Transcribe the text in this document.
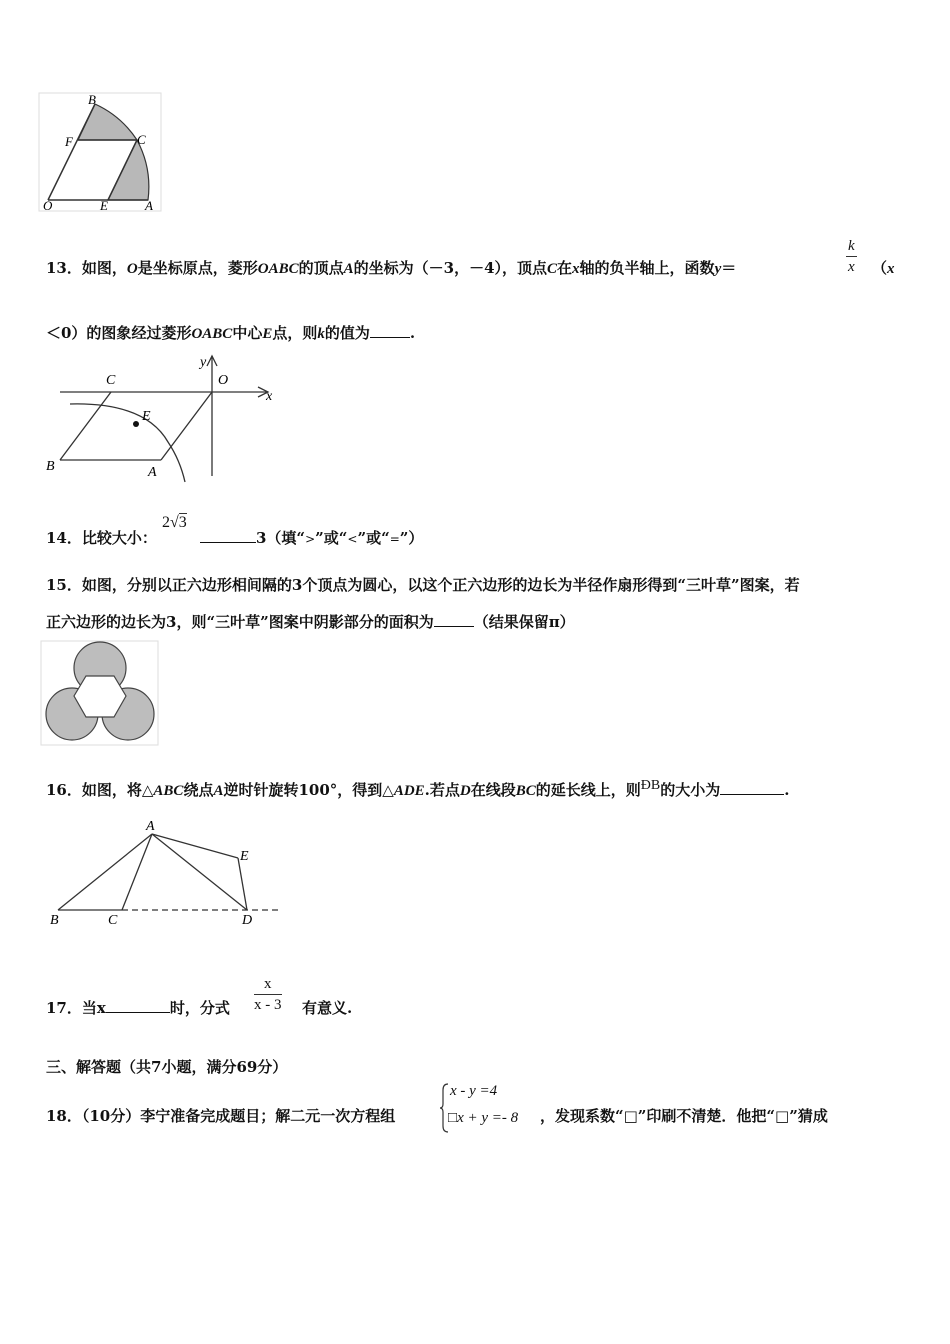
B
F	C
O	E	A
13．如图，O是坐标原点，菱形OABC的顶点A的坐标为（－3，－4），顶点C在x轴的负半轴上，函数y＝	$\frac{k}{x} (x$
＜0）的图象经过菱形OABC中心E点，则k的值为	.
C	O
x
y
E
B	A
14．比较大小：
2√3
3（填“>”或“<”或“=”）
15．如图，分别以正六边形相间隔的3个顶点为圆心，以这个正六边形的边长为半径作扇形得到“三叶草”图案，若
正六边形的边长为3，则“三叶草”图案中阴影部分的面积为	（结果保留π）
16．如图，将△ABC绕点A逆时针旋转100°，得到△ADE.若点D在线段BC的延长线上，则ÐB的大小为	.
A
E
B	C	D
17．当x	时，分式 $\frac{x}{x - 3}$ 有意义.
三、解答题（共7小题，满分69分）
18．（10分）李宁准备完成题目；解二元一次方程组
x - y =4
□x + y =- 8 ，发现系数“□”印刷不清楚．他把“□”猜成
